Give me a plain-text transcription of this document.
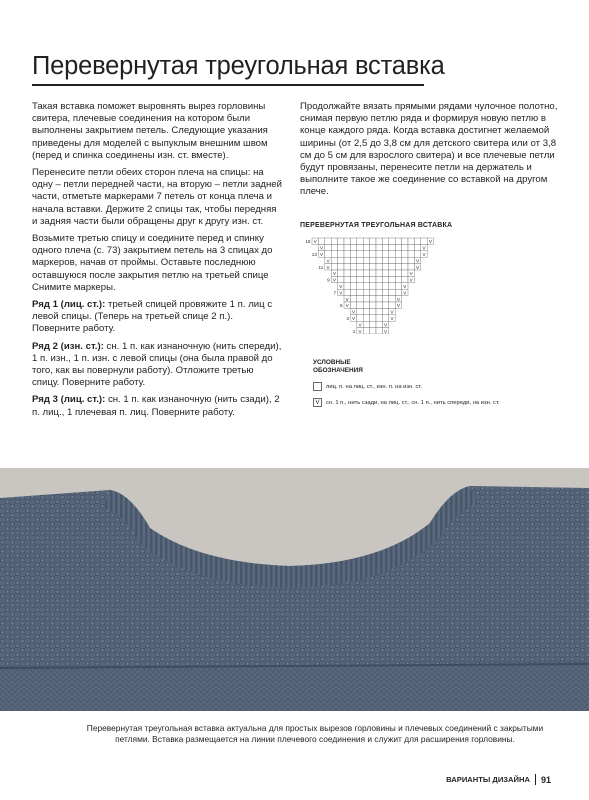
Перевернутая треугольная вставка

Такая вставка поможет выровнять вырез горловины свитера, плечевые соединения на котором были выполнены закрытием петель. Следующие указания приведены для моделей с выпуклым внешним швом (перед и спинка соединены изн. ст. вместе).

Перенесите петли обеих сторон плеча на спицы: на одну – петли передней части, на вторую – петли задней части, отметьте маркерами 7 петель от конца плеча и начала вставки. Держите 2 спицы так, чтобы передняя и задняя части были обращены друг к другу изн. ст.

Возьмите третью спицу и соедините перед и спинку одного плеча (с. 73) закрытием петель на 3 спицах до маркеров, начав от проймы. Оставьте последнюю оставшуюся после закрытия петлю на третьей спице Снимите маркеры.

Ряд 1 (лиц. ст.): третьей спицей провяжите 1 п. лиц с левой спицы. (Теперь на третьей спице 2 п.). Поверните работу.

Ряд 2 (изн. ст.): сн. 1 п. как изнаночную (нить спереди), 1 п. изн., 1 п. изн. с левой спицы (она была правой до того, как вы повернули работу). Отложите третью спицу. Поверните работу.

Ряд 3 (лиц. ст.): сн. 1 п. как изнаночную (нить сзади), 2 п. лиц., 1 плечевая п. лиц. Поверните работу.

Продолжайте вязать прямыми рядами чулочное полотно, снимая первую петлю ряда и формируя новую петлю в конце каждого ряда. Когда вставка достигнет желаемой ширины (от 2,5 до 3,8 см для детского свитера или от 3,8 см до 5 см для взрослого свитера) и все плечевые петли будут провязаны, перенесите петли на держатель и выполните такое же соединение со вставкой на другом плече.

ПЕРЕВЕРНУТАЯ ТРЕУГОЛЬНАЯ ВСТАВКА
V	V
V	V
V	V
V	V
V	V
V	V
V	V
V	V
V	V
V	V
V	V
V	V
V	V
V	V
V	V
15
13
11
9
7
5
3
1
УСЛОВНЫЕ
ОБОЗНАЧЕНИЯ
лиц. п. на лиц. ст., изн. п. на изн. ст.
V	сн. 1 п., нить сзади, на лиц. ст., сн. 1 п., нить спереди, на изн. ст.
Перевернутая треугольная вставка актуальна для простых вырезов горловины и плечевых соединений с закрытыми петлями. Вставка размещается на линии плечевого соединения и служит для расширения горловины.
ВАРИАНТЫ ДИЗАЙНА 91
